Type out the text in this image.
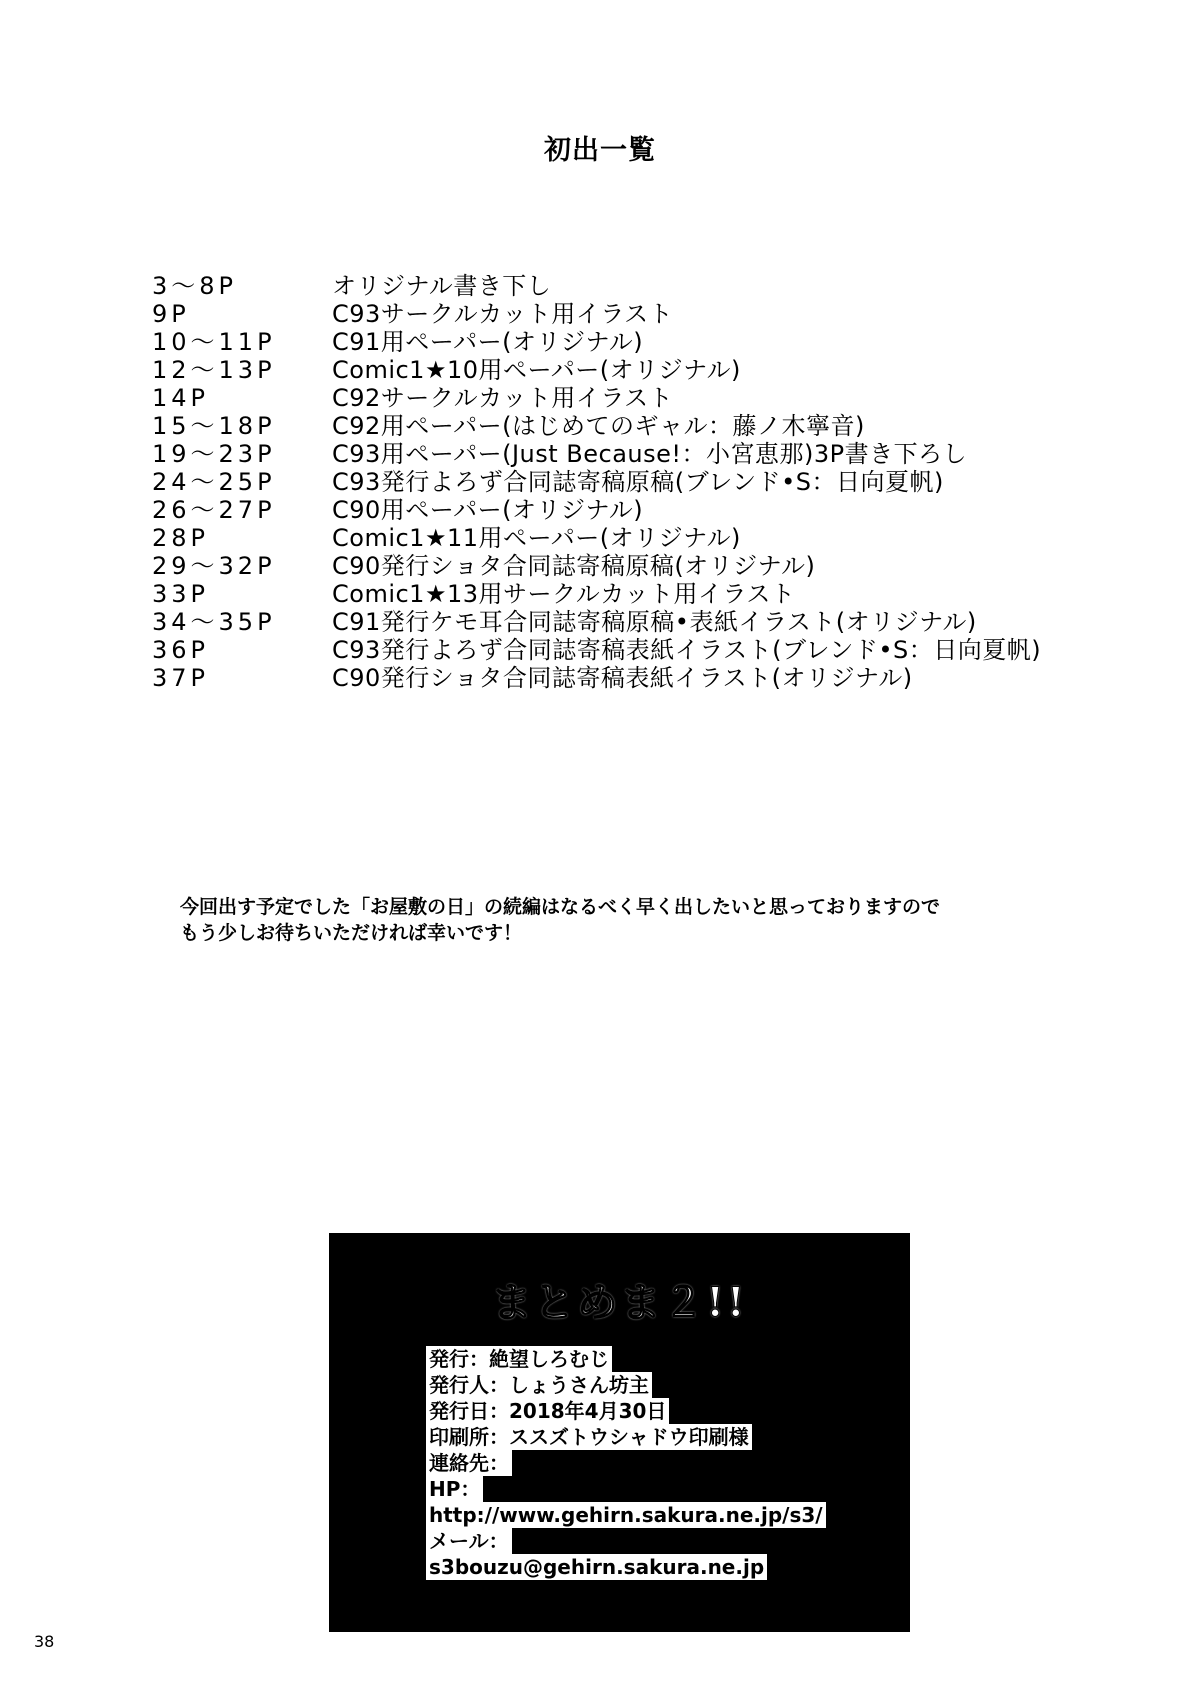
初出一覧
3～8P	オリジナル書き下し
9P	C93サークルカット用イラスト
10～11P C91用ペーパー(オリジナル)
12～13P Comic1★10用ペーパー(オリジナル)
14P	C92サークルカット用イラスト
15～18P C92用ペーパー(はじめてのギャル：藤ノ木寧音)
19～23P C93用ペーパー(Just Because!：小宮恵那)3P書き下ろし
24～25P C93発行よろず合同誌寄稿原稿(ブレンド•S：日向夏帆)
26～27P C90用ペーパー(オリジナル)
28P	Comic1★11用ペーパー(オリジナル)
29～32P C90発行ショタ合同誌寄稿原稿(オリジナル)
33P	Comic1★13用サークルカット用イラスト
34～35P C91発行ケモ耳合同誌寄稿原稿•表紙イラスト(オリジナル)
36P	C93発行よろず合同誌寄稿表紙イラスト(ブレンド•S：日向夏帆)
37P	C90発行ショタ合同誌寄稿表紙イラスト(オリジナル)
今回出す予定でした「お屋敷の日」の続編はなるべく早く出したいと思っておりますので
もう少しお待ちいただければ幸いです！
まとめま２!!
発行：絶望しろむじ
発行人：しょうさん坊主
発行日：2018年4月30日
印刷所：ススズトウシャドウ印刷様
連絡先：
HP：
http://www.gehirn.sakura.ne.jp/s3/
メール：
s3bouzu@gehirn.sakura.ne.jp
38
